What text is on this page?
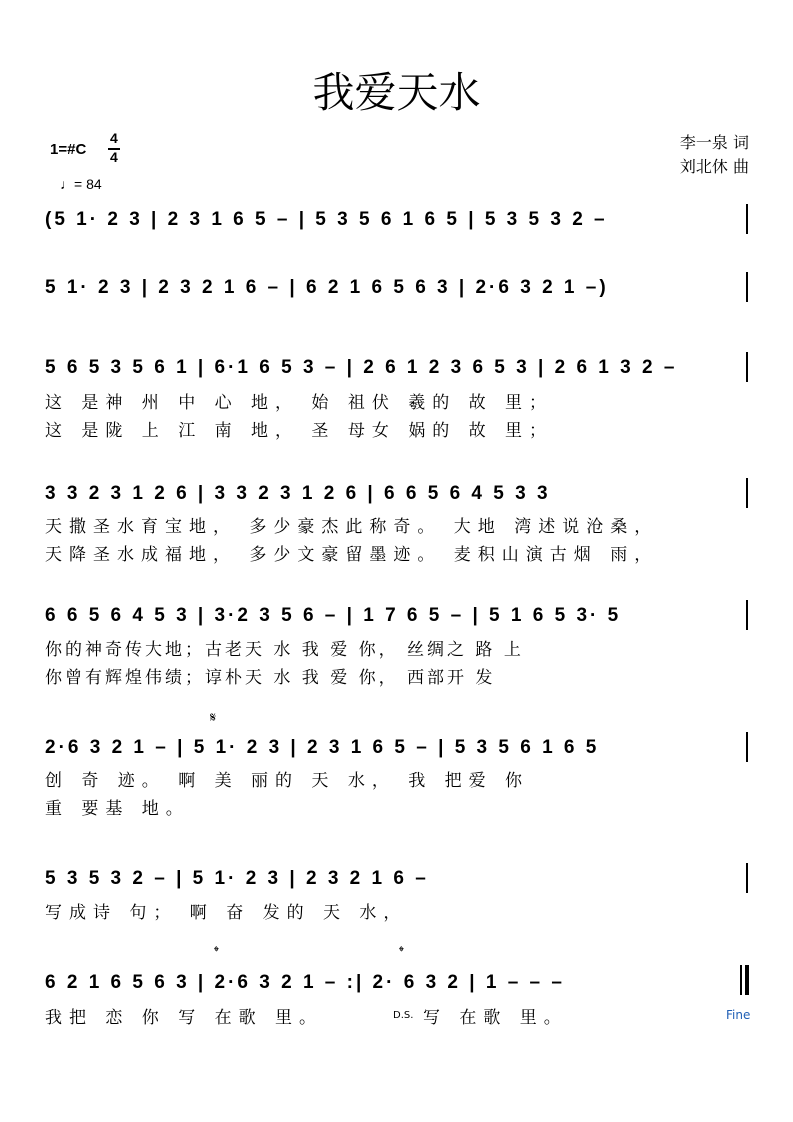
我爱天水
1=#C
4
4
♩= 84
李一泉 词
刘北休 曲
(5 1· 2 3 | 2 3 1 6 5 – | 5 3 5 6 1 6 5 | 5 3 5 3 2 –
5 1· 2 3 | 2 3 2 1 6 – | 6 2 1 6 5 6 3 | 2·6 3 2 1 –)
5 6 5 3 5 6 1 | 6·1 6 5 3 – | 2 6 1 2 3 6 5 3 | 2 6 1 3 2 –
这 是神 州 中 心 地， 始 祖伏 羲的 故 里；
这 是陇 上 江 南 地， 圣 母女 娲的 故 里；
3 3 2 3 1 2 6 | 3 3 2 3 1 2 6 | 6 6 5 6 4 5 3 3
天撒圣水育宝地， 多少豪杰此称奇。 大地 湾述说沧桑，
天降圣水成福地， 多少文豪留墨迹。 麦积山演古烟 雨，
6 6 5 6 4 5 3 | 3·2 3 5 6 – | 1 7 6 5 – | 5 1 6 5 3· 5
你的神奇传大地；古老天 水 我 爱 你， 丝绸之 路 上
你曾有辉煌伟绩；谆朴天 水 我 爱 你， 西部开 发
𝄋
2·6 3 2 1 – | 5 1· 2 3 | 2 3 1 6 5 – | 5 3 5 6 1 6 5
创 奇 迹。 啊 美 丽的 天 水， 我 把爱 你
重 要基 地。
5 3 5 3 2 – | 5 1· 2 3 | 2 3 2 1 6 –
写成诗 句； 啊 奋 发的 天 水，
𝄌	𝄌
6 2 1 6 5 6 3 | 2·6 3 2 1 – :| 2· 6 3 2 | 1 – – –
我把 恋 你 写 在歌 里。	D.S. 写 在歌 里。	Fine
